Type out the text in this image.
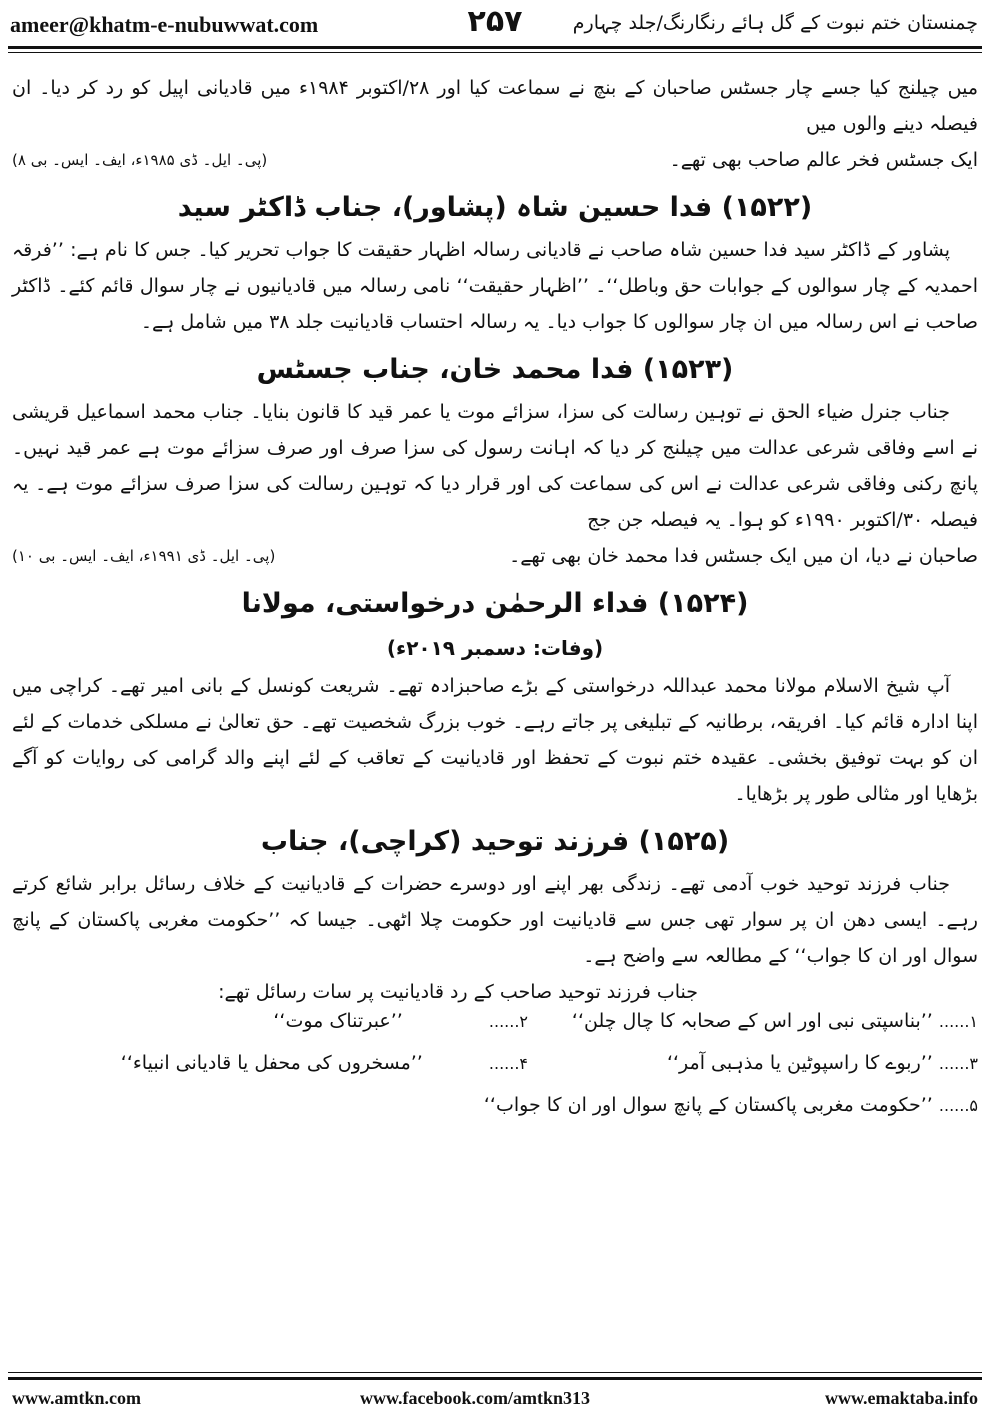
ameer@khatm-e-nubuwwat.com	۲۵۷	چمنستان ختم نبوت کے گل ہائے رنگارنگ/جلد چہارم

میں چیلنج کیا جسے چار جسٹس صاحبان کے بنچ نے سماعت کیا اور ۲۸/اکتوبر ۱۹۸۴ء میں قادیانی اپیل کو رد کر دیا۔ ان فیصلہ دینے والوں میں

ایک جسٹس فخر عالم صاحب بھی تھے۔
(پی۔ ایل۔ ڈی ۱۹۸۵ء، ایف۔ ایس۔ بی ۸)
(۱۵۲۲) فدا حسین شاہ (پشاور)، جناب ڈاکٹر سید

پشاور کے ڈاکٹر سید فدا حسین شاہ صاحب نے قادیانی رسالہ اظہار حقیقت کا جواب تحریر کیا۔ جس کا نام ہے: ’’فرقہ احمدیہ کے چار سوالوں کے جوابات حق وباطل‘‘۔ ’’اظہار حقیقت‘‘ نامی رسالہ میں قادیانیوں نے چار سوال قائم کئے۔ ڈاکٹر صاحب نے اس رسالہ میں ان چار سوالوں کا جواب دیا۔ یہ رسالہ احتساب قادیانیت جلد ۳۸ میں شامل ہے۔

(۱۵۲۳) فدا محمد خان، جناب جسٹس

جناب جنرل ضیاء الحق نے توہین رسالت کی سزا، سزائے موت یا عمر قید کا قانون بنایا۔ جناب محمد اسماعیل قریشی نے اسے وفاقی شرعی عدالت میں چیلنج کر دیا کہ اہانت رسول کی سزا صرف اور صرف سزائے موت ہے عمر قید نہیں۔ پانچ رکنی وفاقی شرعی عدالت نے اس کی سماعت کی اور قرار دیا کہ توہین رسالت کی سزا صرف سزائے موت ہے۔ یہ فیصلہ ۳۰/اکتوبر ۱۹۹۰ء کو ہوا۔ یہ فیصلہ جن جج

صاحبان نے دیا، ان میں ایک جسٹس فدا محمد خان بھی تھے۔
(پی۔ ایل۔ ڈی ۱۹۹۱ء، ایف۔ ایس۔ بی ۱۰)
(۱۵۲۴) فداء الرحمٰن درخواستی، مولانا
(وفات: دسمبر ۲۰۱۹ء)

آپ شیخ الاسلام مولانا محمد عبداللہ درخواستی کے بڑے صاحبزادہ تھے۔ شریعت کونسل کے بانی امیر تھے۔ کراچی میں اپنا ادارہ قائم کیا۔ افریقہ، برطانیہ کے تبلیغی پر جاتے رہے۔ خوب بزرگ شخصیت تھے۔ حق تعالیٰ نے مسلکی خدمات کے لئے ان کو بہت توفیق بخشی۔ عقیدہ ختم نبوت کے تحفظ اور قادیانیت کے تعاقب کے لئے اپنے والد گرامی کی روایات کو آگے بڑھایا اور مثالی طور پر بڑھایا۔

(۱۵۲۵) فرزند توحید (کراچی)، جناب

جناب فرزند توحید خوب آدمی تھے۔ زندگی بھر اپنے اور دوسرے حضرات کے قادیانیت کے خلاف رسائل برابر شائع کرتے رہے۔ ایسی دھن ان پر سوار تھی جس سے قادیانیت اور حکومت چلا اٹھی۔ جیسا کہ ’’حکومت مغربی پاکستان کے پانچ سوال اور ان کا جواب‘‘ کے مطالعہ سے واضح ہے۔

جناب فرزند توحید صاحب کے رد قادیانیت پر سات رسائل تھے:

۱...... ’’بناسپتی نبی اور اس کے صحابہ کا چال چلن‘‘
۲...... ’’عبرتناک موت‘‘
۳...... ’’ربوے کا راسپوٹین یا مذہبی آمر‘‘
۴...... ’’مسخروں کی محفل یا قادیانی انبیاء‘‘
۵...... ’’حکومت مغربی پاکستان کے پانچ سوال اور ان کا جواب‘‘
www.amtkn.com	www.facebook.com/amtkn313	www.emaktaba.info
